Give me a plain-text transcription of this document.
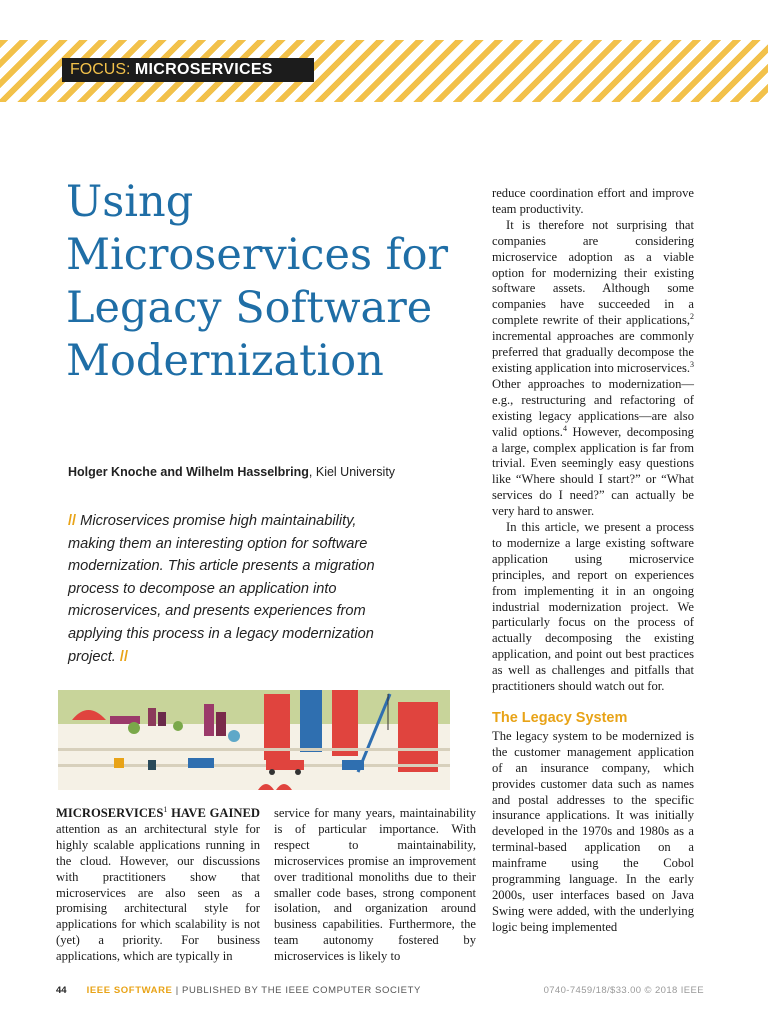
FOCUS: MICROSERVICES
Using Microservices for Legacy Software Modernization
Holger Knoche and Wilhelm Hasselbring, Kiel University
// Microservices promise high maintainability, making them an interesting option for software modernization. This article presents a migration process to decompose an application into microservices, and presents experiences from applying this process in a legacy modernization project. //

MICROSERVICES$^1$ HAVE GAINED attention as an architectural style for highly scalable applications running in the cloud. However, our discussions with practitioners show that microservices are also seen as a promising architectural style for applications for which scalability is not (yet) a priority. For business applications, which are typically in

service for many years, maintainability is of particular importance. With respect to maintainability, microservices promise an improvement over traditional monoliths due to their smaller code bases, strong component isolation, and organization around business capabilities. Furthermore, the team autonomy fostered by microservices is likely to

reduce coordination effort and improve team productivity.

It is therefore not surprising that companies are considering microservice adoption as a viable option for modernizing their existing software assets. Although some companies have succeeded in a complete rewrite of their applications,$^2$ incremental approaches are commonly preferred that gradually decompose the existing application into microservices.$^3$ Other approaches to modernization—e.g., restructuring and refactoring of existing legacy applications—are also valid options.$^4$ However, decomposing a large, complex application is far from trivial. Even seemingly easy questions like “Where should I start?” or “What services do I need?” can actually be very hard to answer.

In this article, we present a process to modernize a large existing software application using microservice principles, and report on experiences from implementing it in an ongoing industrial modernization project. We particularly focus on the process of actually decomposing the existing application, and point out best practices as well as challenges and pitfalls that practitioners should watch out for.

The Legacy System

The legacy system to be modernized is the customer management application of an insurance company, which provides customer data such as names and postal addresses to the specific insurance applications. It was initially developed in the 1970s and 1980s as a terminal-based application on a mainframe using the Cobol programming language. In the early 2000s, user interfaces based on Java Swing were added, with the underlying logic being implemented

44 IEEE SOFTWARE | PUBLISHED BY THE IEEE COMPUTER SOCIETY	0740-7459/18/$33.00 © 2018 IEEE
